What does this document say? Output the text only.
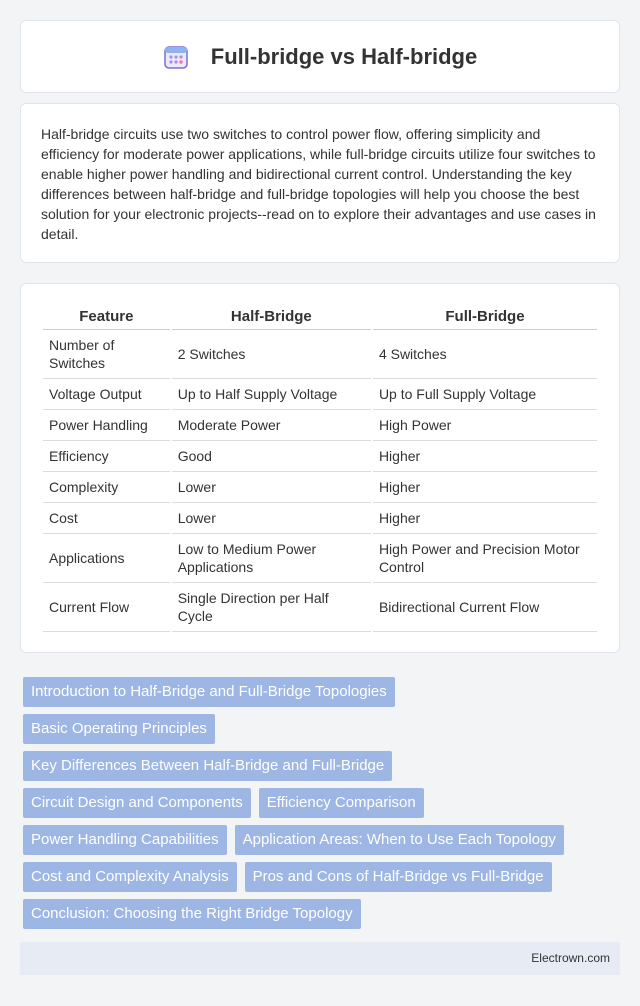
Full-bridge vs Half-bridge

Half-bridge circuits use two switches to control power flow, offering simplicity and efficiency for moderate power applications, while full-bridge circuits utilize four switches to enable higher power handling and bidirectional current control. Understanding the key differences between half-bridge and full-bridge topologies will help you choose the best solution for your electronic projects--read on to explore their advantages and use cases in detail.

Feature	Half-Bridge	Full-Bridge
Number of Switches	2 Switches	4 Switches
Voltage Output	Up to Half Supply Voltage	Up to Full Supply Voltage
Power Handling	Moderate Power	High Power
Efficiency	Good	Higher
Complexity	Lower	Higher
Cost	Lower	Higher
Applications	Low to Medium Power Applications	High Power and Precision Motor Control
Current Flow	Single Direction per Half Cycle	Bidirectional Current Flow
Introduction to Half-Bridge and Full-Bridge Topologies
Basic Operating Principles
Key Differences Between Half-Bridge and Full-Bridge
Circuit Design and Components	Efficiency Comparison
Power Handling Capabilities	Application Areas: When to Use Each Topology
Cost and Complexity Analysis	Pros and Cons of Half-Bridge vs Full-Bridge
Conclusion: Choosing the Right Bridge Topology
Electrown.com
